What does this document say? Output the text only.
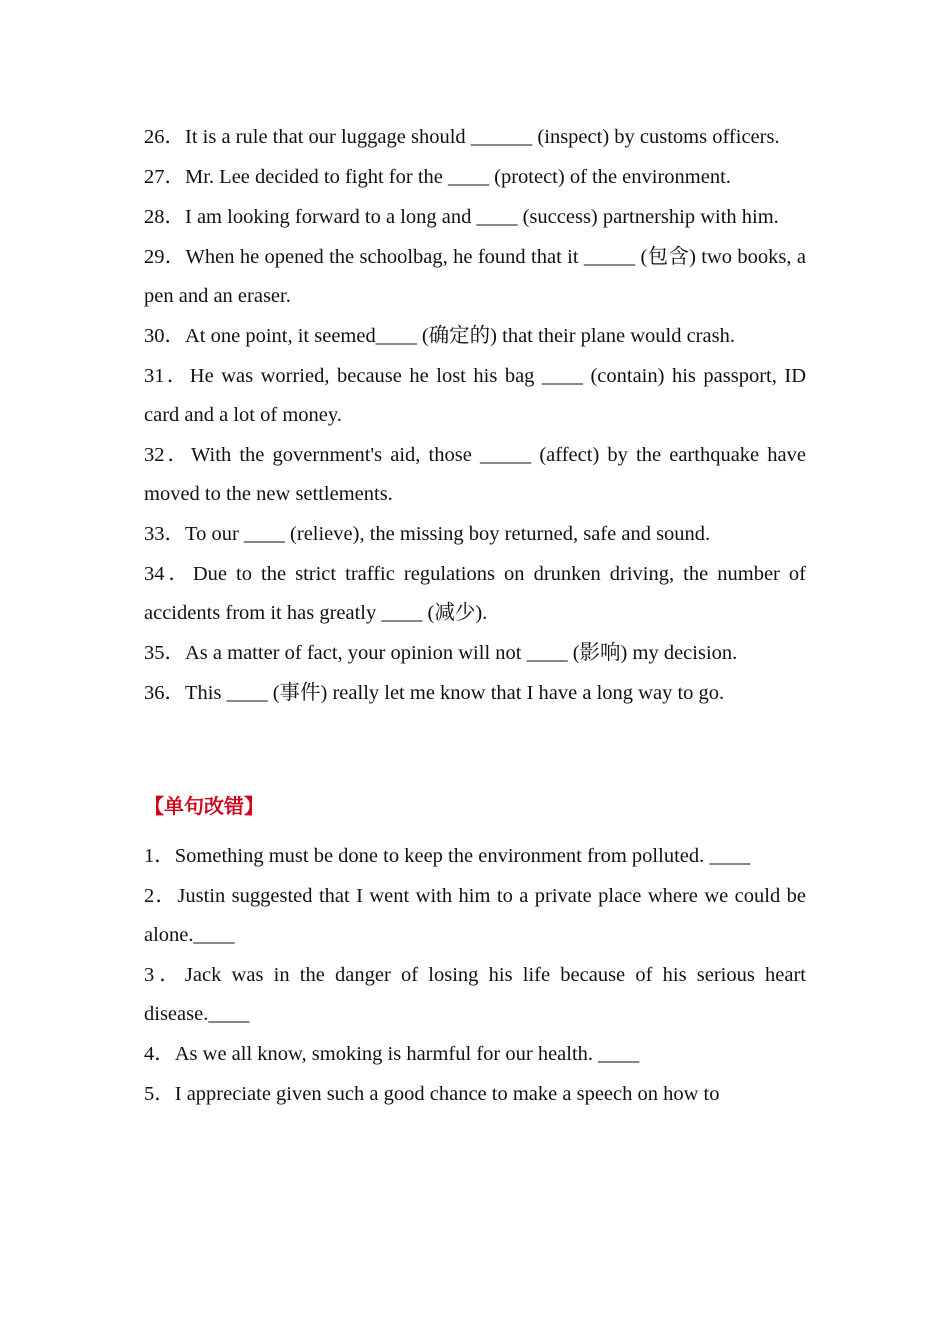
26．It is a rule that our luggage should ______ (inspect) by customs officers.

27．Mr. Lee decided to fight for the ____ (protect) of the environment.

28．I am looking forward to a long and ____ (success) partnership with him.

29．When he opened the schoolbag, he found that it _____ (包含) two books, a pen and an eraser.

30．At one point, it seemed____ (确定的) that their plane would crash.

31．He was worried, because he lost his bag ____ (contain) his passport, ID card and a lot of money.

32．With the government's aid, those _____ (affect) by the earthquake have moved to the new settlements.

33．To our ____ (relieve), the missing boy returned, safe and sound.

34．Due to the strict traffic regulations on drunken driving, the number of accidents from it has greatly ____ (减少).

35．As a matter of fact, your opinion will not ____ (影响) my decision.

36．This ____ (事件) really let me know that I have a long way to go.

【单句改错】

1．Something must be done to keep the environment from polluted. ____

2．Justin suggested that I went with him to a private place where we could be alone.____

3．Jack was in the danger of losing his life because of his serious heart disease.____

4．As we all know, smoking is harmful for our health. ____

5．I appreciate given such a good chance to make a speech on how to
